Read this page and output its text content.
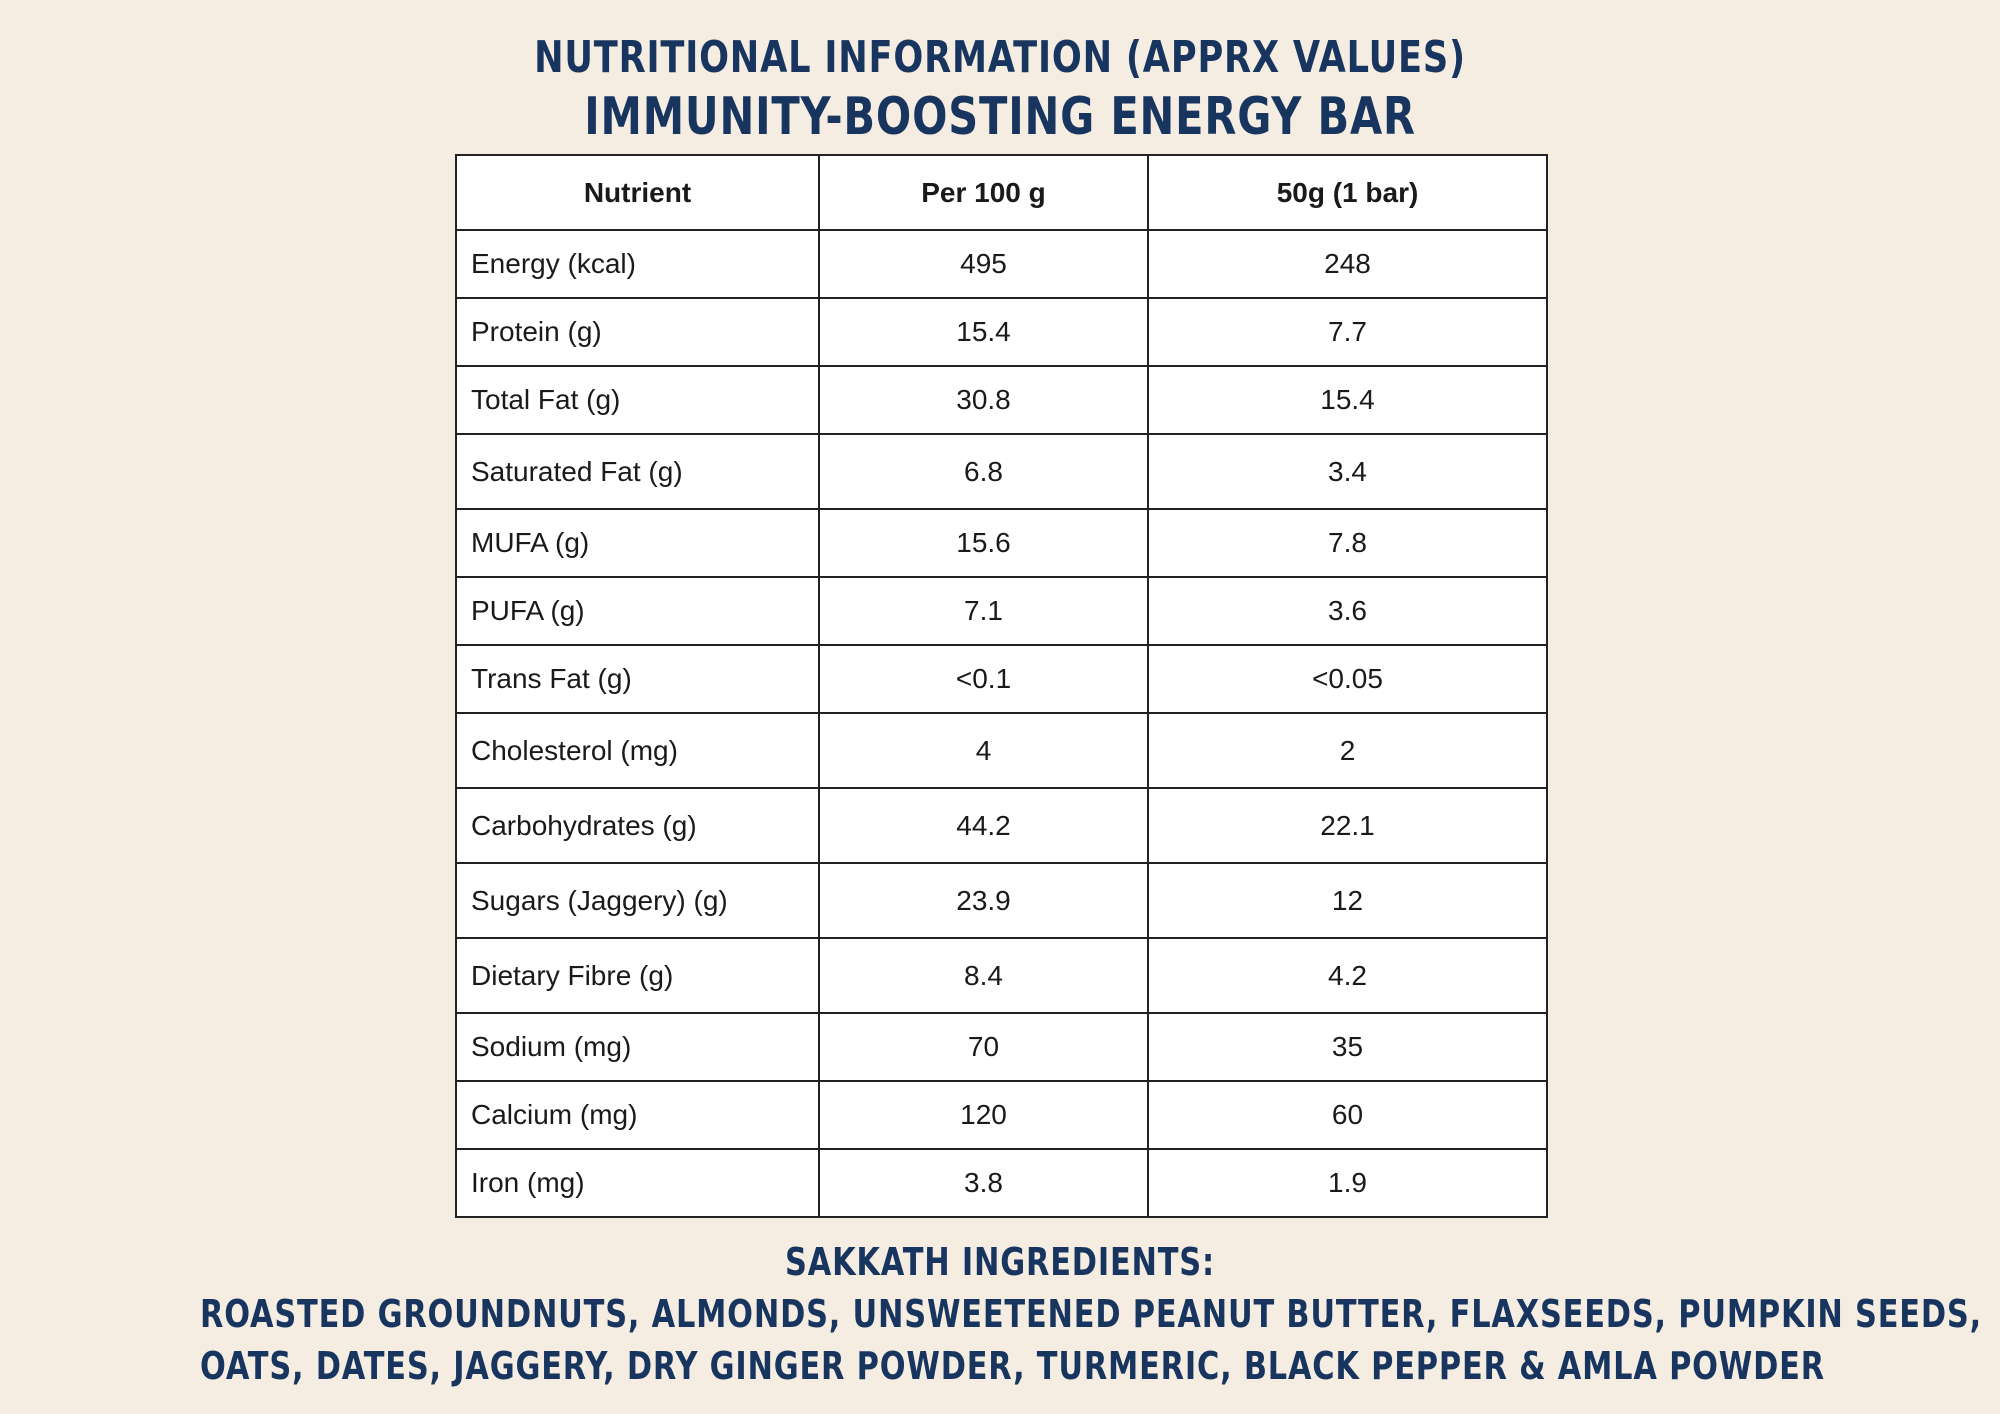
NUTRITIONAL INFORMATION (APPRX VALUES)
IMMUNITY-BOOSTING ENERGY BAR
Nutrient	Per 100 g	50g (1 bar)
Energy (kcal)	495	248
Protein (g)	15.4	7.7
Total Fat (g)	30.8	15.4
Saturated Fat (g)	6.8	3.4
MUFA (g)	15.6	7.8
PUFA (g)	7.1	3.6
Trans Fat (g)	<0.1	<0.05
Cholesterol (mg)	4	2
Carbohydrates (g)	44.2	22.1
Sugars (Jaggery) (g)	23.9	12
Dietary Fibre (g)	8.4	4.2
Sodium (mg)	70	35
Calcium (mg)	120	60
Iron (mg)	3.8	1.9
SAKKATH INGREDIENTS:
ROASTED GROUNDNUTS, ALMONDS, UNSWEETENED PEANUT BUTTER, FLAXSEEDS, PUMPKIN SEEDS,
OATS, DATES, JAGGERY, DRY GINGER POWDER, TURMERIC, BLACK PEPPER & AMLA POWDER
